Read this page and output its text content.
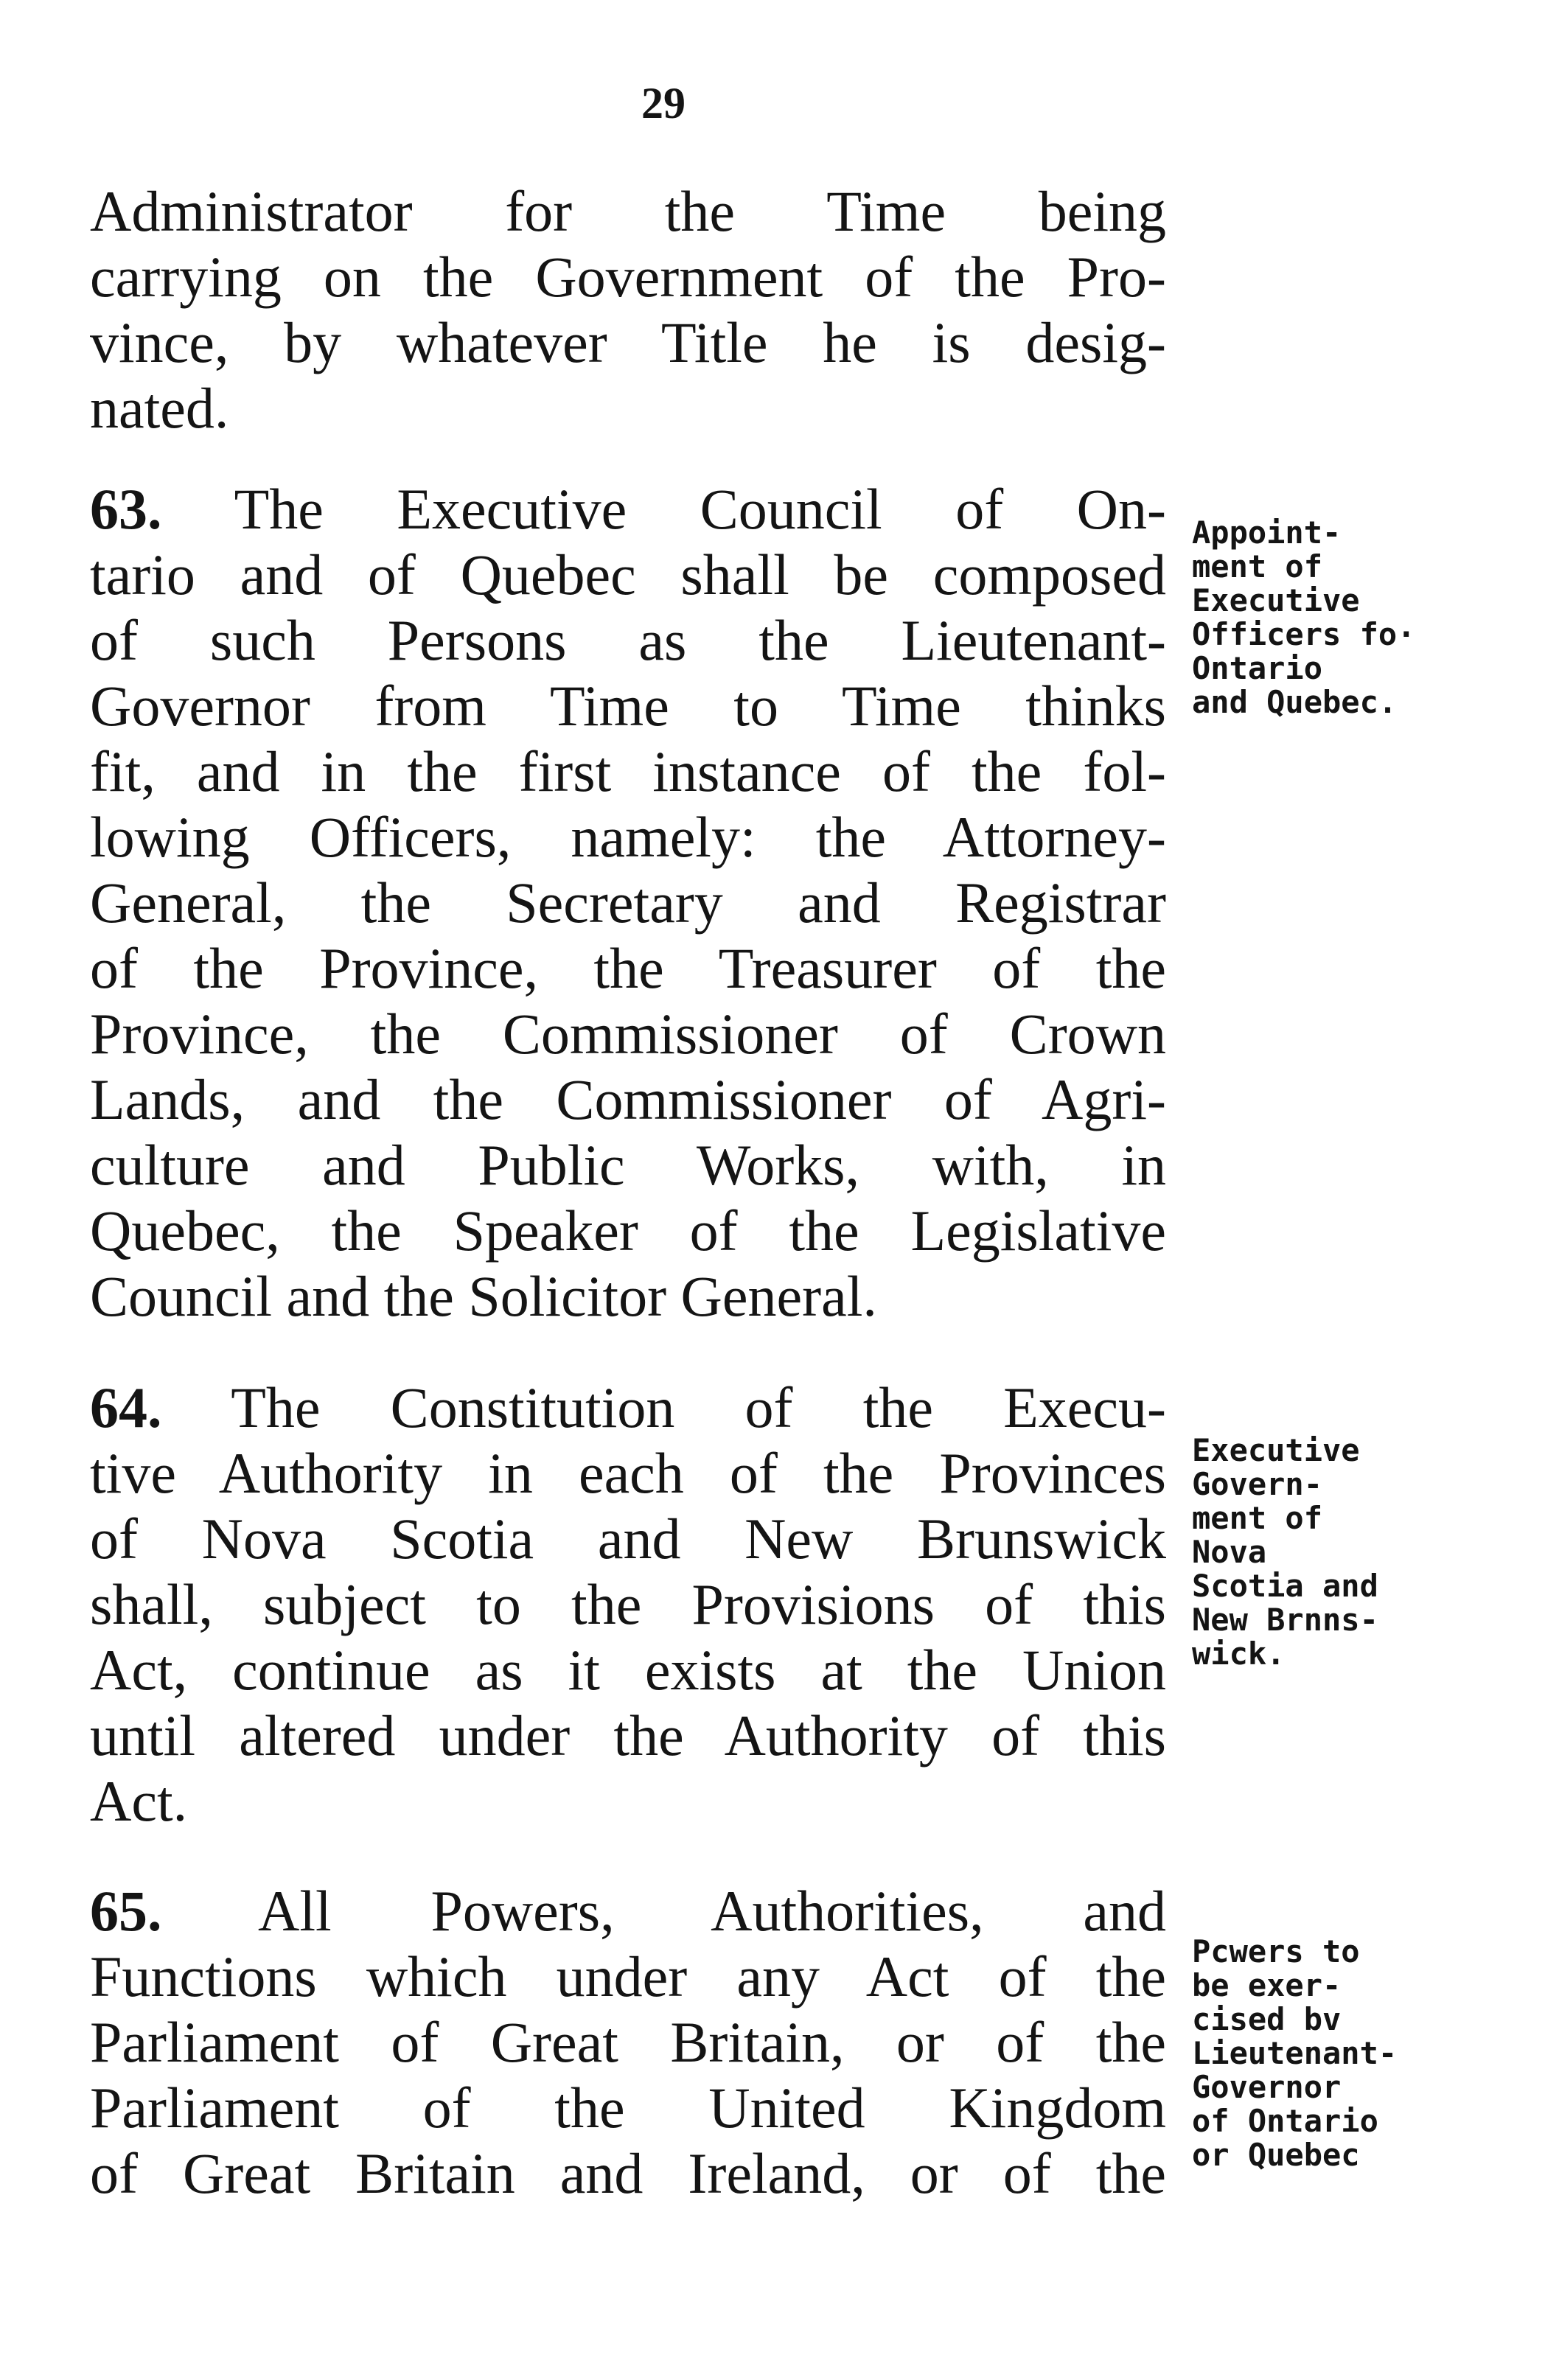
29
Administrator for the Time being
carrying on the Government of the Pro-
vince, by whatever Title he is desig-
nated.
63. The Executive Council of On-
tario and of Quebec shall be composed
of such Persons as the Lieutenant-
Governor from Time to Time thinks
fit, and in the first instance of the fol-
lowing Officers, namely: the Attorney-
General, the Secretary and Registrar
of the Province, the Treasurer of the
Province, the Commissioner of Crown
Lands, and the Commissioner of Agri-
culture and Public Works, with, in
Quebec, the Speaker of the Legislative
Council and the Solicitor General.
64. The Constitution of the Execu-
tive Authority in each of the Provinces
of Nova Scotia and New Brunswick
shall, subject to the Provisions of this
Act, continue as it exists at the Union
until altered under the Authority of this
Act.
65. All Powers, Authorities, and
Functions which under any Act of the
Parliament of Great Britain, or of the
Parliament of the United Kingdom
of Great Britain and Ireland, or of the
Appoint-
ment of
Executive
Officers fo·
Ontario
and Quebec.
Executive
Govern-
ment of
Nova
Scotia and
New Brnns-
wick.
Pcwers to
be exer-
cised bv
Lieutenant-
Governor
of Ontario
or Quebec
